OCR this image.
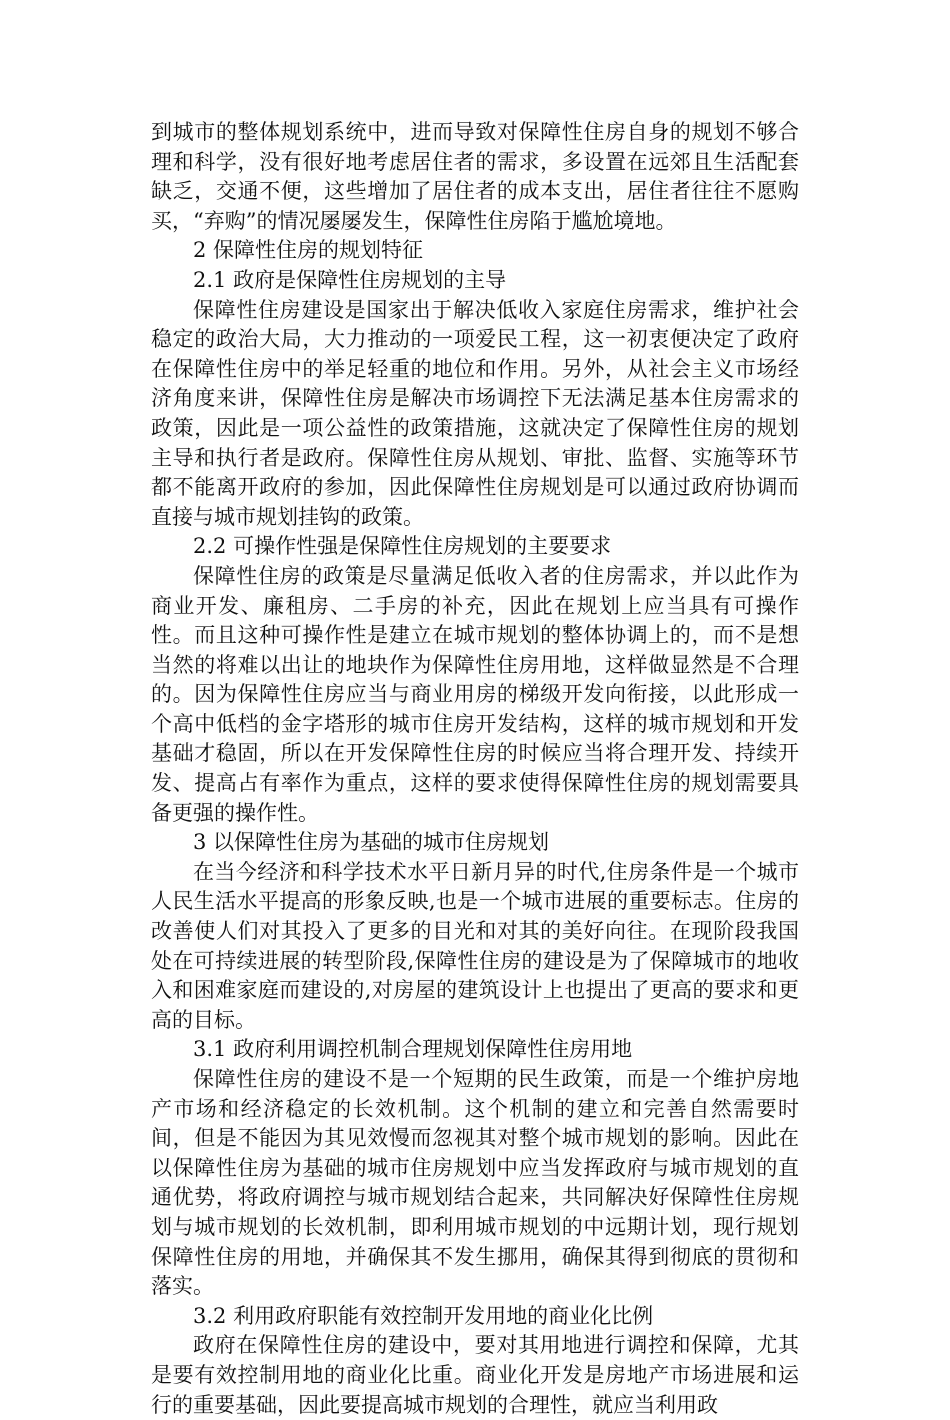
到城市的整体规划系统中，进而导致对保障性住房自身的规划不够合理和科学，没有很好地考虑居住者的需求，多设置在远郊且生活配套缺乏，交通不便，这些增加了居住者的成本支出，居住者往往不愿购买，“弃购”的情况屡屡发生，保障性住房陷于尴尬境地。

2 保障性住房的规划特征
2.1 政府是保障性住房规划的主导

保障性住房建设是国家出于解决低收入家庭住房需求，维护社会稳定的政治大局，大力推动的一项爱民工程，这一初衷便决定了政府在保障性住房中的举足轻重的地位和作用。另外，从社会主义市场经济角度来讲，保障性住房是解决市场调控下无法满足基本住房需求的政策，因此是一项公益性的政策措施，这就决定了保障性住房的规划主导和执行者是政府。保障性住房从规划、审批、监督、实施等环节都不能离开政府的参加，因此保障性住房规划是可以通过政府协调而直接与城市规划挂钩的政策。

2.2 可操作性强是保障性住房规划的主要要求

保障性住房的政策是尽量满足低收入者的住房需求，并以此作为商业开发、廉租房、二手房的补充，因此在规划上应当具有可操作性。而且这种可操作性是建立在城市规划的整体协调上的，而不是想当然的将难以出让的地块作为保障性住房用地，这样做显然是不合理的。因为保障性住房应当与商业用房的梯级开发向衔接，以此形成一个高中低档的金字塔形的城市住房开发结构，这样的城市规划和开发基础才稳固，所以在开发保障性住房的时候应当将合理开发、持续开发、提高占有率作为重点，这样的要求使得保障性住房的规划需要具备更强的操作性。

3 以保障性住房为基础的城市住房规划

在当今经济和科学技术水平日新月异的时代,住房条件是一个城市人民生活水平提高的形象反映,也是一个城市进展的重要标志。住房的改善使人们对其投入了更多的目光和对其的美好向往。在现阶段我国处在可持续进展的转型阶段,保障性住房的建设是为了保障城市的地收入和困难家庭而建设的,对房屋的建筑设计上也提出了更高的要求和更高的目标。

3.1 政府利用调控机制合理规划保障性住房用地

保障性住房的建设不是一个短期的民生政策，而是一个维护房地产市场和经济稳定的长效机制。这个机制的建立和完善自然需要时间，但是不能因为其见效慢而忽视其对整个城市规划的影响。因此在以保障性住房为基础的城市住房规划中应当发挥政府与城市规划的直通优势，将政府调控与城市规划结合起来，共同解决好保障性住房规划与城市规划的长效机制，即利用城市规划的中远期计划，现行规划保障性住房的用地，并确保其不发生挪用，确保其得到彻底的贯彻和落实。

3.2 利用政府职能有效控制开发用地的商业化比例

政府在保障性住房的建设中，要对其用地进行调控和保障，尤其是要有效控制用地的商业化比重。商业化开发是房地产市场进展和运行的重要基础，因此要提高城市规划的合理性，就应当利用政
